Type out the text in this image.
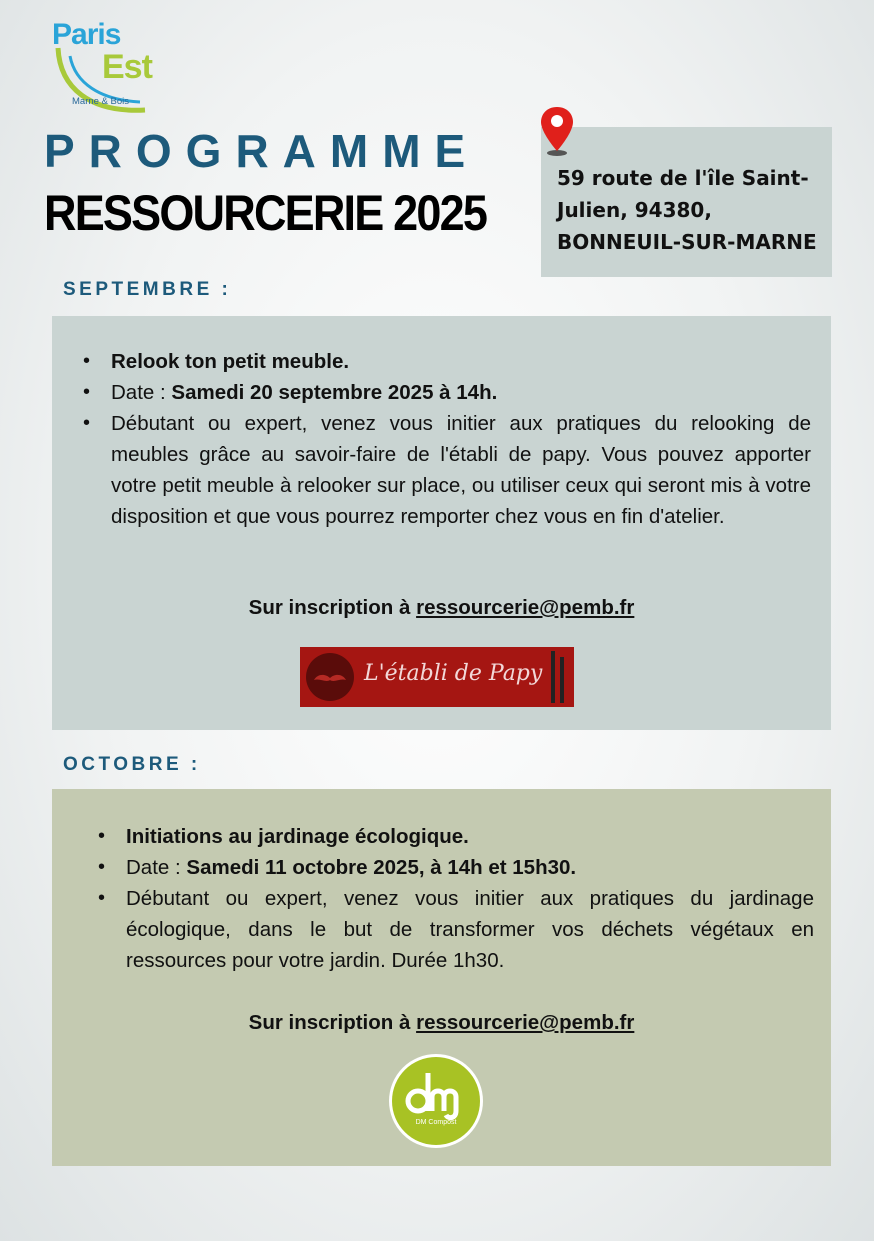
Paris
Est
Marne & Bois
PROGRAMME
RESSOURCERIE 2025
59 route de l'île Saint-
Julien, 94380,
BONNEUIL-SUR-MARNE
SEPTEMBRE :
• Relook ton petit meuble.
• Date : Samedi 20 septembre 2025 à 14h.
• Débutant ou expert, venez vous initier aux pratiques du relooking de meubles grâce au savoir-faire de l'établi de papy. Vous pouvez apporter votre petit meuble à relooker sur place, ou utiliser ceux qui seront mis à votre disposition et que vous pourrez remporter chez vous en fin d'atelier.
Sur inscription à ressourcerie@pemb.fr
L'établi de Papy
OCTOBRE :
• Initiations au jardinage écologique.
• Date : Samedi 11 octobre 2025, à 14h et 15h30.
• Débutant ou expert, venez vous initier aux pratiques du jardinage écologique, dans le but de transformer vos déchets végétaux en ressources pour votre jardin. Durée 1h30.
Sur inscription à ressourcerie@pemb.fr
DM Compost
